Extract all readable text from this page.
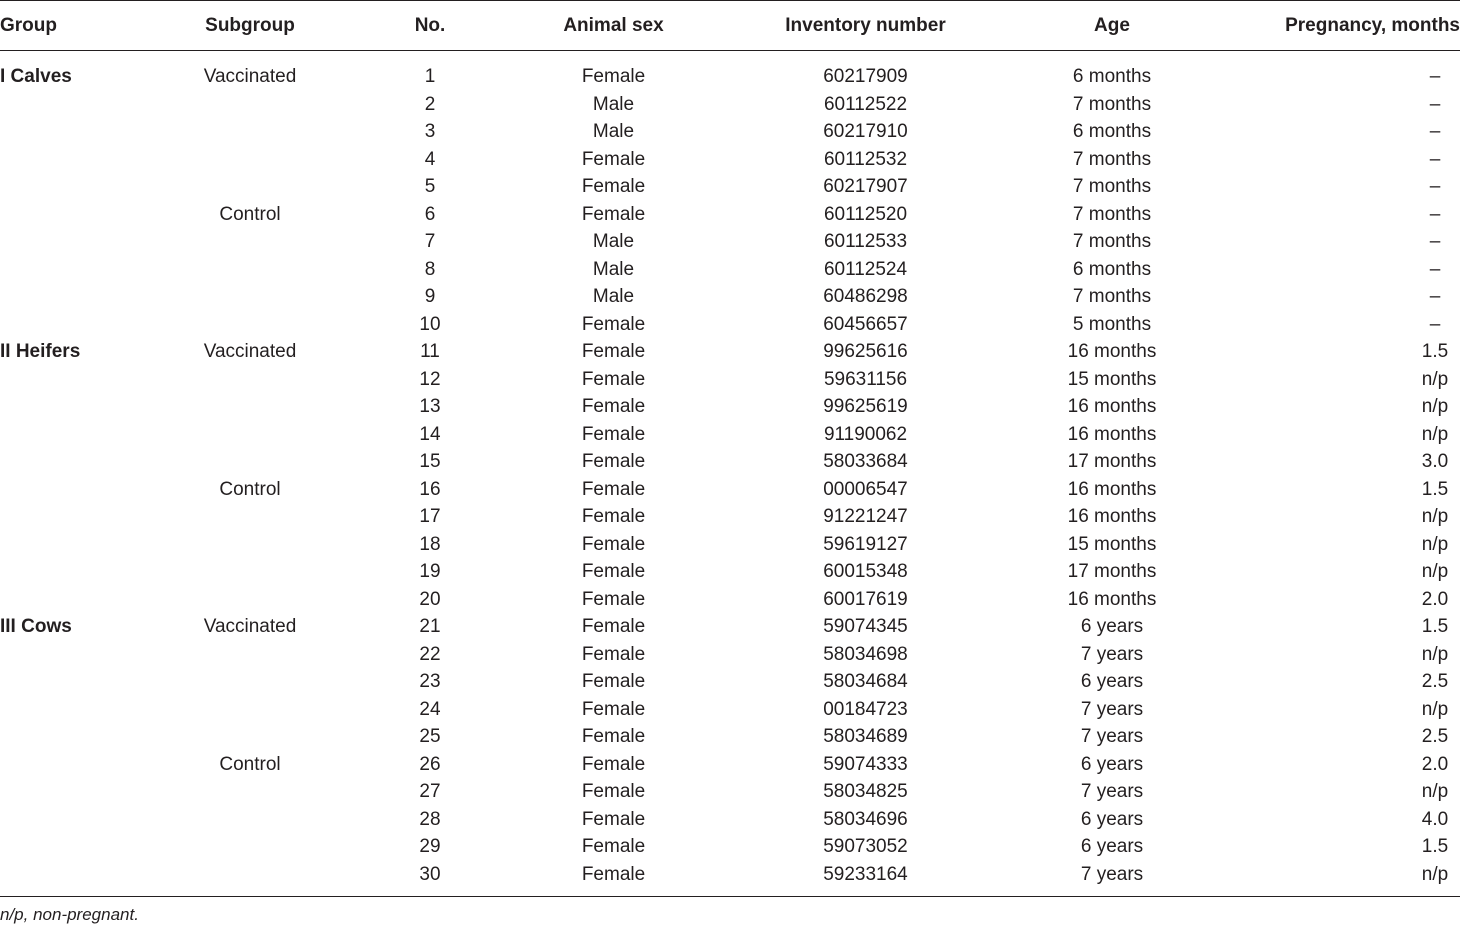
Group	Subgroup	No.	Animal sex	Inventory number	Age	Pregnancy, months
I Calves	Vaccinated	1	Female	60217909	6 months	–
		2	Male	60112522	7 months	–
		3	Male	60217910	6 months	–
		4	Female	60112532	7 months	–
		5	Female	60217907	7 months	–
	Control	6	Female	60112520	7 months	–
		7	Male	60112533	7 months	–
		8	Male	60112524	6 months	–
		9	Male	60486298	7 months	–
		10	Female	60456657	5 months	–
II Heifers	Vaccinated	11	Female	99625616	16 months	1.5
		12	Female	59631156	15 months	n/p
		13	Female	99625619	16 months	n/p
		14	Female	91190062	16 months	n/p
		15	Female	58033684	17 months	3.0
	Control	16	Female	00006547	16 months	1.5
		17	Female	91221247	16 months	n/p
		18	Female	59619127	15 months	n/p
		19	Female	60015348	17 months	n/p
		20	Female	60017619	16 months	2.0
III Cows	Vaccinated	21	Female	59074345	6 years	1.5
		22	Female	58034698	7 years	n/p
		23	Female	58034684	6 years	2.5
		24	Female	00184723	7 years	n/p
		25	Female	58034689	7 years	2.5
	Control	26	Female	59074333	6 years	2.0
		27	Female	58034825	7 years	n/p
		28	Female	58034696	6 years	4.0
		29	Female	59073052	6 years	1.5
		30	Female	59233164	7 years	n/p
n/p, non-pregnant.
